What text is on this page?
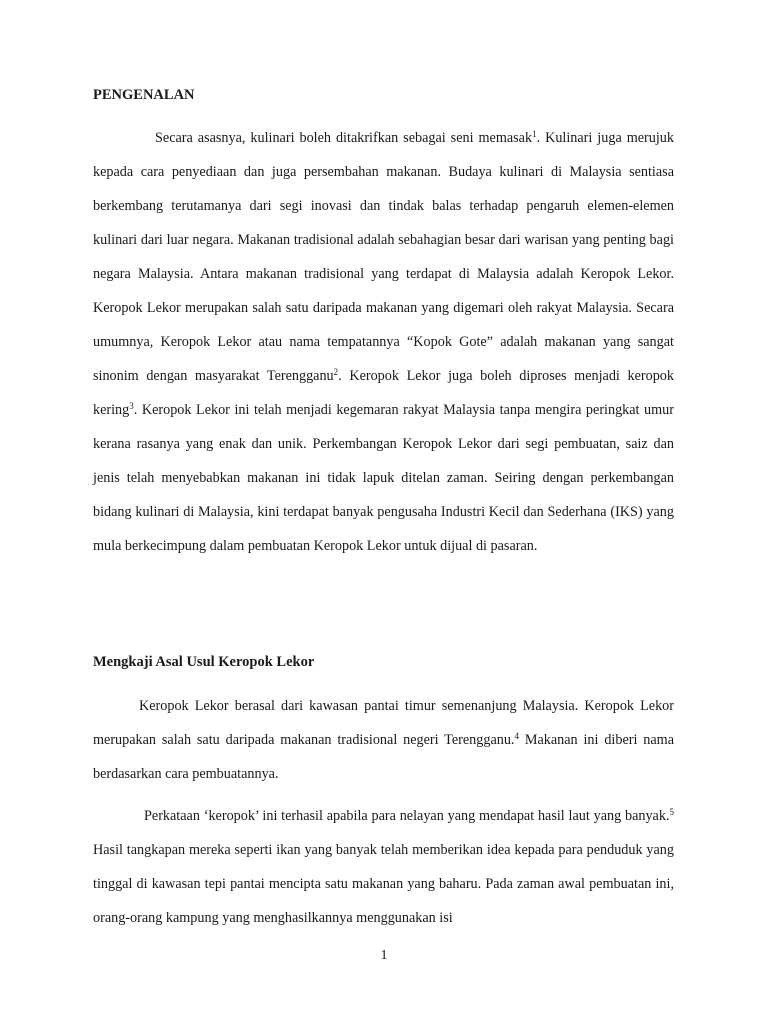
PENGENALAN

Secara asasnya, kulinari boleh ditakrifkan sebagai seni memasak$^1$. Kulinari juga merujuk kepada cara penyediaan dan juga persembahan makanan. Budaya kulinari di Malaysia sentiasa berkembang terutamanya dari segi inovasi dan tindak balas terhadap pengaruh elemen-elemen kulinari dari luar negara. Makanan tradisional adalah sebahagian besar dari warisan yang penting bagi negara Malaysia. Antara makanan tradisional yang terdapat di Malaysia adalah Keropok Lekor. Keropok Lekor merupakan salah satu daripada makanan yang digemari oleh rakyat Malaysia. Secara umumnya, Keropok Lekor atau nama tempatannya “Kopok Gote” adalah makanan yang sangat sinonim dengan masyarakat Terengganu$^2$. Keropok Lekor juga boleh diproses menjadi keropok kering$^3$. Keropok Lekor ini telah menjadi kegemaran rakyat Malaysia tanpa mengira peringkat umur kerana rasanya yang enak dan unik. Perkembangan Keropok Lekor dari segi pembuatan, saiz dan jenis telah menyebabkan makanan ini tidak lapuk ditelan zaman. Seiring dengan perkembangan bidang kulinari di Malaysia, kini terdapat banyak pengusaha Industri Kecil dan Sederhana (IKS) yang mula berkecimpung dalam pembuatan Keropok Lekor untuk dijual di pasaran.

Mengkaji Asal Usul Keropok Lekor

Keropok Lekor berasal dari kawasan pantai timur semenanjung Malaysia. Keropok Lekor merupakan salah satu daripada makanan tradisional negeri Terengganu.$^4$ Makanan ini diberi nama berdasarkan cara pembuatannya.

Perkataan ‘keropok’ ini terhasil apabila para nelayan yang mendapat hasil laut yang banyak.$^5$ Hasil tangkapan mereka seperti ikan yang banyak telah memberikan idea kepada para penduduk yang tinggal di kawasan tepi pantai mencipta satu makanan yang baharu. Pada zaman awal pembuatan ini, orang-orang kampung yang menghasilkannya menggunakan isi

1
